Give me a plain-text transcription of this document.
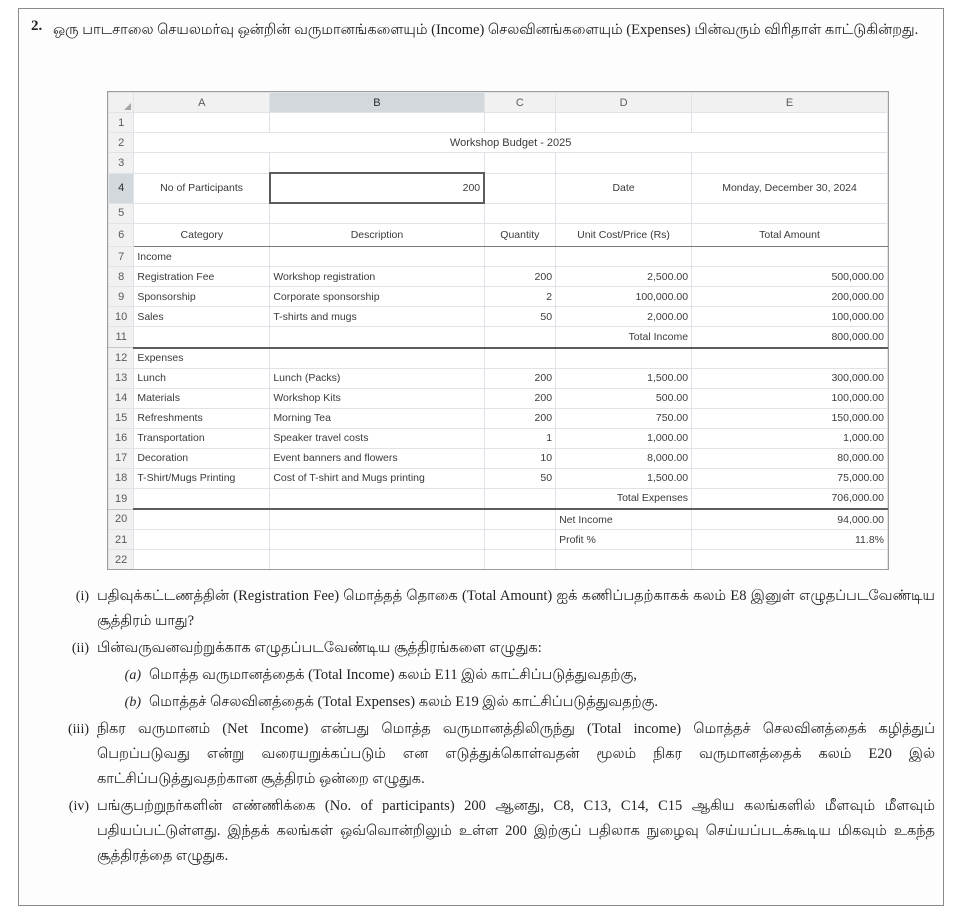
2. ஒரு பாடசாலை செயலமர்வு ஒன்றின் வருமானங்களையும் (Income) செலவினங்களையும் (Expenses) பின்வரும் விரிதாள் காட்டுகின்றது.
	A	B	C	D	E
1					
2	Workshop Budget - 2025				
3					
4	No of Participants	200		Date	Monday, December 30, 2024
5					
6	Category	Description	Quantity	Unit Cost/Price (Rs)	Total Amount
7	Income				
8	Registration Fee	Workshop registration	200	2,500.00	500,000.00
9	Sponsorship	Corporate sponsorship	2	100,000.00	200,000.00
10	Sales	T-shirts and mugs	50	2,000.00	100,000.00
11				Total Income	800,000.00
12	Expenses				
13	Lunch	Lunch (Packs)	200	1,500.00	300,000.00
14	Materials	Workshop Kits	200	500.00	100,000.00
15	Refreshments	Morning Tea	200	750.00	150,000.00
16	Transportation	Speaker travel costs	1	1,000.00	1,000.00
17	Decoration	Event banners and flowers	10	8,000.00	80,000.00
18	T-Shirt/Mugs Printing	Cost of T-shirt and Mugs printing	50	1,500.00	75,000.00
19				Total Expenses	706,000.00
20				Net Income	94,000.00
21				Profit %	11.8%
22					
(i) பதிவுக்கட்டணத்தின் (Registration Fee) மொத்தத் தொகை (Total Amount) ஐக் கணிப்பதற்காகக் கலம் E8 இனுள் எழுதப்படவேண்டிய சூத்திரம் யாது?
(ii) பின்வருவனவற்றுக்காக எழுதப்படவேண்டிய சூத்திரங்களை எழுதுக:
(a) மொத்த வருமானத்தைக் (Total Income) கலம் E11 இல் காட்சிப்படுத்துவதற்கு,
(b) மொத்தச் செலவினத்தைக் (Total Expenses) கலம் E19 இல் காட்சிப்படுத்துவதற்கு.
(iii) நிகர வருமானம் (Net Income) என்பது மொத்த வருமானத்திலிருந்து (Total income) மொத்தச் செலவினத்தைக் கழித்துப் பெறப்படுவது என்று வரையறுக்கப்படும் என எடுத்துக்கொள்வதன் மூலம் நிகர வருமானத்தைக் கலம் E20 இல் காட்சிப்படுத்துவதற்கான சூத்திரம் ஒன்றை எழுதுக.
(iv) பங்குபற்றுநர்களின் எண்ணிக்கை (No. of participants) 200 ஆனது, C8, C13, C14, C15 ஆகிய கலங்களில் மீளவும் மீளவும் பதியப்பட்டுள்ளது. இந்தக் கலங்கள் ஒவ்வொன்றிலும் உள்ள 200 இற்குப் பதிலாக நுழைவு செய்யப்படக்கூடிய மிகவும் உகந்த சூத்திரத்தை எழுதுக.
